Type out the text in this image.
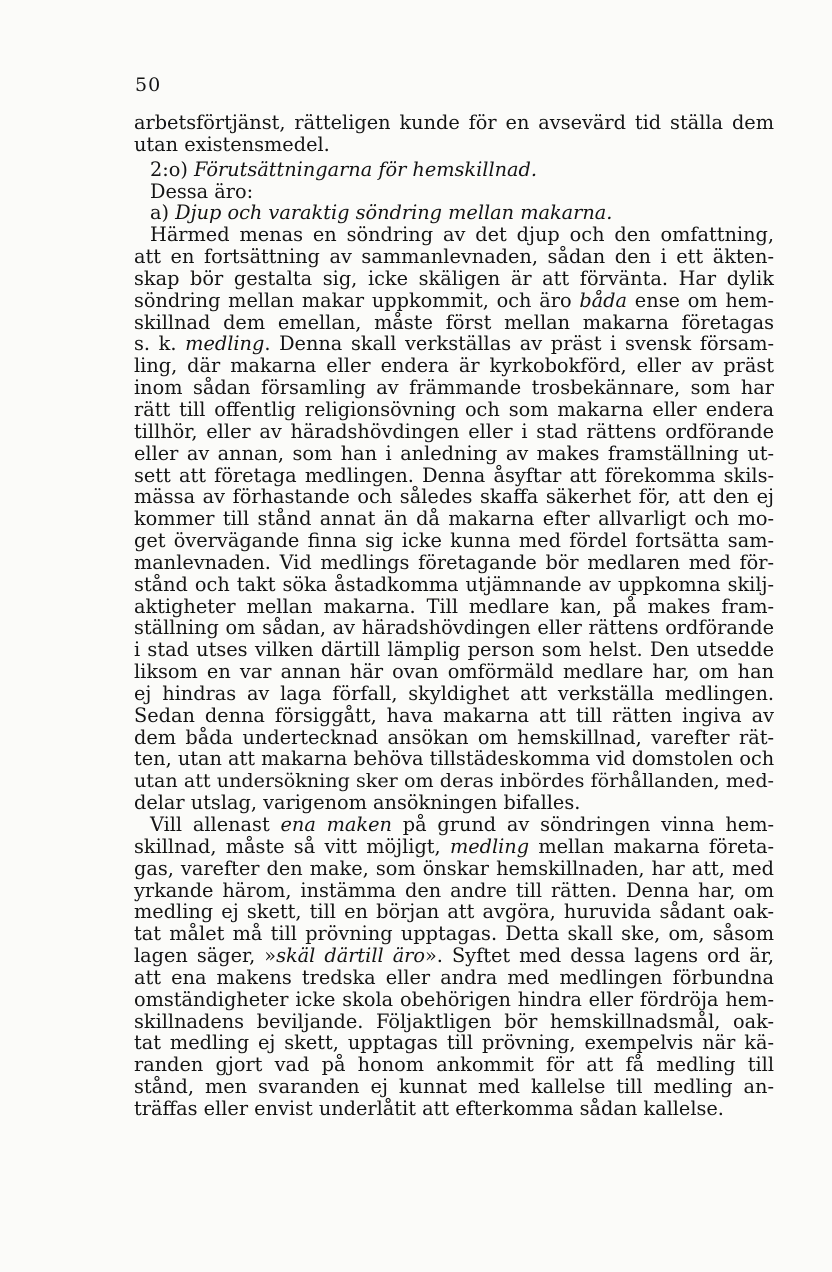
50
arbetsförtjänst, rätteligen kunde för en avsevärd tid ställa dem
utan existensmedel.
2:o) Förutsättningarna för hemskillnad.
Dessa äro:
a) Djup och varaktig söndring mellan makarna.
Härmed menas en söndring av det djup och den omfattning,
att en fortsättning av sammanlevnaden, sådan den i ett äkten-
skap bör gestalta sig, icke skäligen är att förvänta. Har dylik
söndring mellan makar uppkommit, och äro båda ense om hem-
skillnad dem emellan, måste först mellan makarna företagas
s. k. medling. Denna skall verkställas av präst i svensk försam-
ling, där makarna eller endera är kyrkobokförd, eller av präst
inom sådan församling av främmande trosbekännare, som har
rätt till offentlig religionsövning och som makarna eller endera
tillhör, eller av häradshövdingen eller i stad rättens ordförande
eller av annan, som han i anledning av makes framställning ut-
sett att företaga medlingen. Denna åsyftar att förekomma skils-
mässa av förhastande och således skaffa säkerhet för, att den ej
kommer till stånd annat än då makarna efter allvarligt och mo-
get övervägande finna sig icke kunna med fördel fortsätta sam-
manlevnaden. Vid medlings företagande bör medlaren med för-
stånd och takt söka åstadkomma utjämnande av uppkomna skilj-
aktigheter mellan makarna. Till medlare kan, på makes fram-
ställning om sådan, av häradshövdingen eller rättens ordförande
i stad utses vilken därtill lämplig person som helst. Den utsedde
liksom en var annan här ovan omförmäld medlare har, om han
ej hindras av laga förfall, skyldighet att verkställa medlingen.
Sedan denna försiggått, hava makarna att till rätten ingiva av
dem båda undertecknad ansökan om hemskillnad, varefter rät-
ten, utan att makarna behöva tillstädeskomma vid domstolen och
utan att undersökning sker om deras inbördes förhållanden, med-
delar utslag, varigenom ansökningen bifalles.
Vill allenast ena maken på grund av söndringen vinna hem-
skillnad, måste så vitt möjligt, medling mellan makarna företa-
gas, varefter den make, som önskar hemskillnaden, har att, med
yrkande härom, instämma den andre till rätten. Denna har, om
medling ej skett, till en början att avgöra, huruvida sådant oak-
tat målet må till prövning upptagas. Detta skall ske, om, såsom
lagen säger, »skäl därtill äro». Syftet med dessa lagens ord är,
att ena makens tredska eller andra med medlingen förbundna
omständigheter icke skola obehörigen hindra eller fördröja hem-
skillnadens beviljande. Följaktligen bör hemskillnadsmål, oak-
tat medling ej skett, upptagas till prövning, exempelvis när kä-
randen gjort vad på honom ankommit för att få medling till
stånd, men svaranden ej kunnat med kallelse till medling an-
träffas eller envist underlåtit att efterkomma sådan kallelse.
